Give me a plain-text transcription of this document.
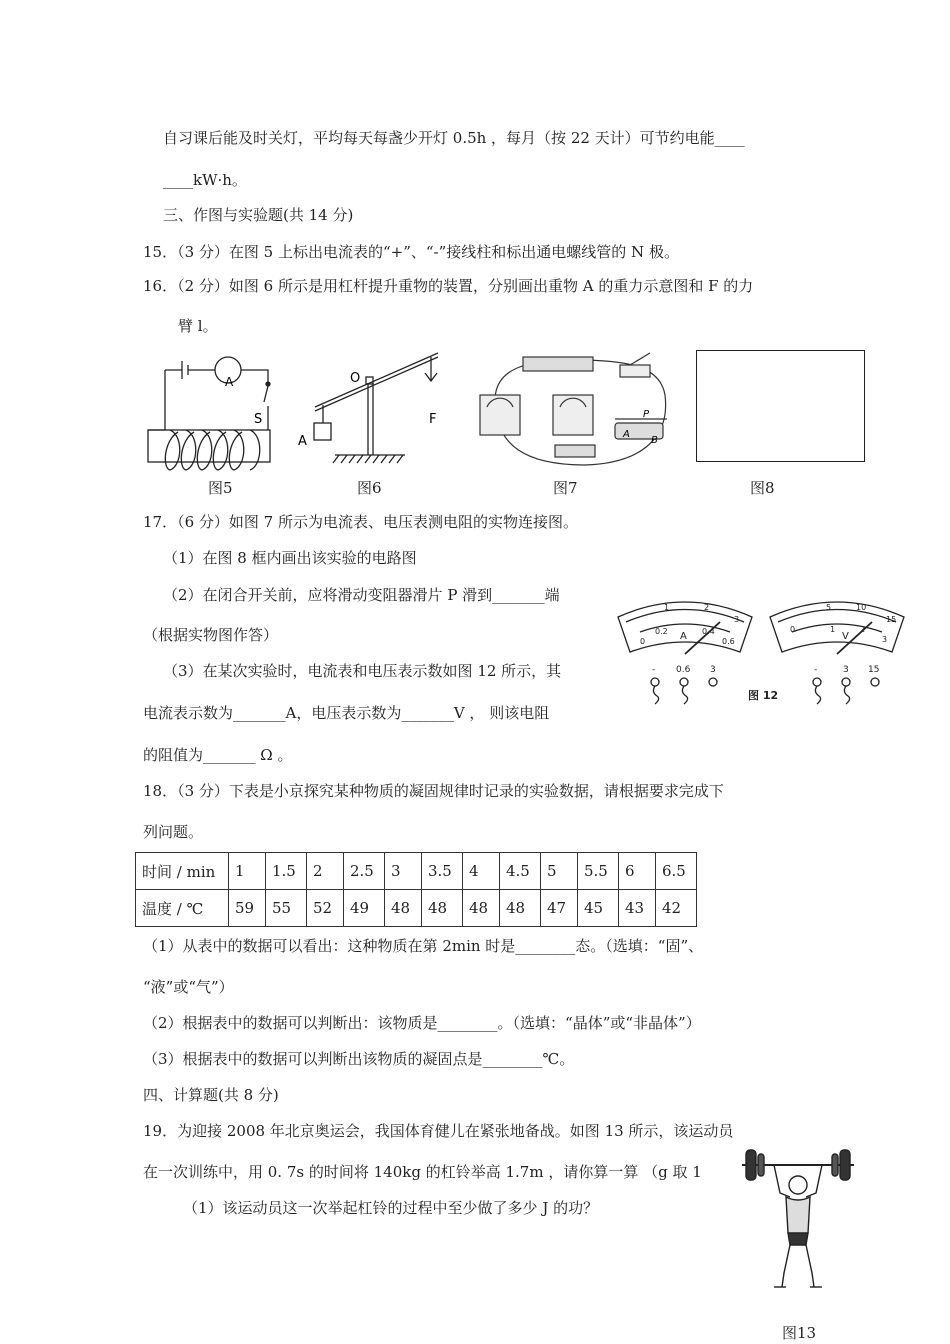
自习课后能及时关灯，平均每天每盏少开灯 0.5h ，每月（按 22 天计）可节约电能____
____kW·h。
三、作图与实验题(共 14 分)
15．（3 分）在图 5 上标出电流表的“+”、“-”接线柱和标出通电螺线管的 N 极。
16．（2 分）如图 6 所示是用杠杆提升重物的装置，分别画出重物 A 的重力示意图和 F 的力
臂 l。
A
S
O
A
F	P
A
B
图5	图6	图7	图8
17．（6 分）如图 7 所示为电流表、电压表测电阻的实物连接图。
（1）在图 8 框内画出该实验的电路图
（2）在闭合开关前，应将滑动变阻器滑片 P 滑到_______端
（根据实物图作答）
（3）在某次实验时，电流表和电压表示数如图 12 所示，其
电流表示数为_______A，电压表示数为_______V ， 则该电阻
的阻值为_______ Ω 。
0
0.2	0.4
0.6
1	2
3
A
0	1	2
3
5	10
15
V
- 0.6 3	-	3 15
图 12
18．（3 分）下表是小京探究某种物质的凝固规律时记录的实验数据，请根据要求完成下
列问题。
时间 / min	1	1.5	2	2.5	3	3.5	4	4.5	5	5.5	6	6.5
温度 / ℃	59	55	52	49	48	48	48	48	47	45	43	42
（1）从表中的数据可以看出：这种物质在第 2min 时是________态。（选填：“固”、
“液”或“气”）
（2）根据表中的数据可以判断出：该物质是________。（选填：“晶体”或“非晶体”）
（3）根据表中的数据可以判断出该物质的凝固点是________℃。
四、计算题(共 8 分)
19．为迎接 2008 年北京奥运会，我国体育健儿在紧张地备战。如图 13 所示，该运动员
在一次训练中，用 0. 7s 的时间将 140kg 的杠铃举高 1.7m ，请你算一算 （g 取 1
（1）该运动员这一次举起杠铃的过程中至少做了多少 J 的功？
图13
